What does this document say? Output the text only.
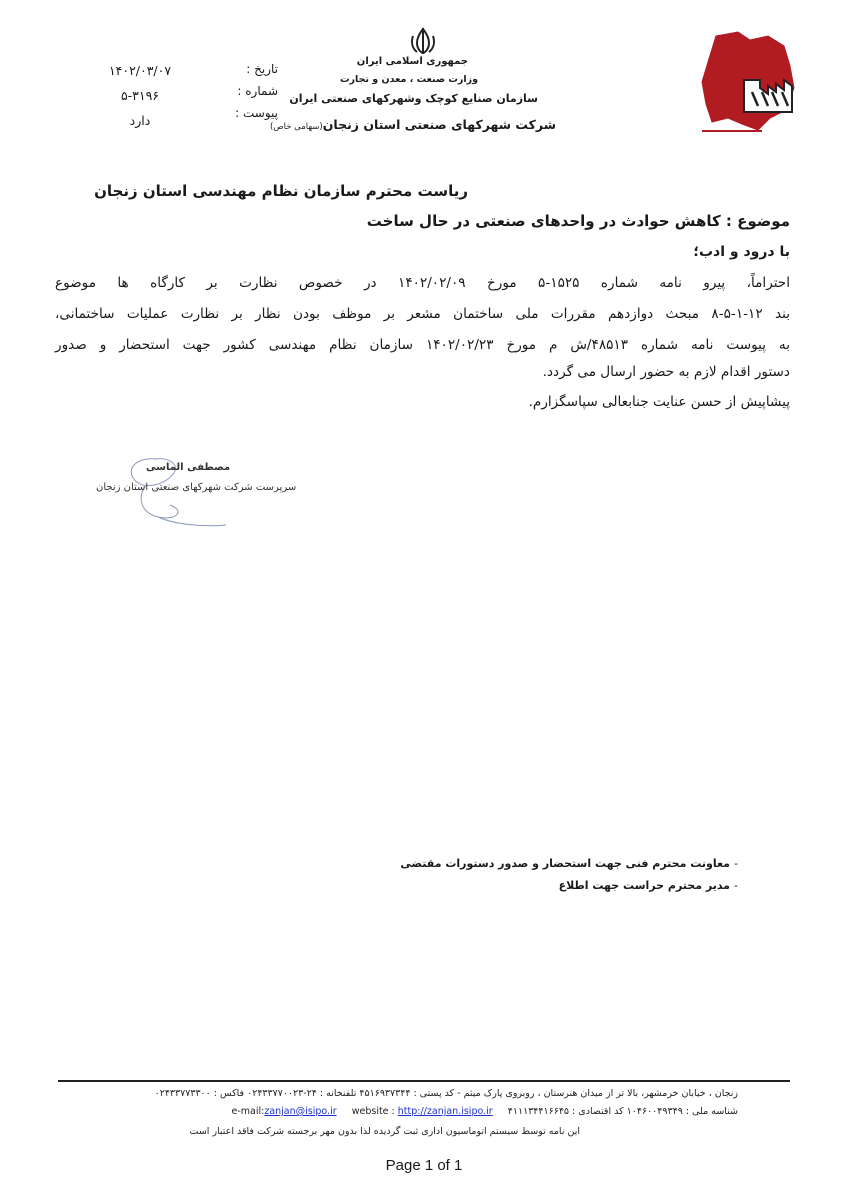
جمهوری اسلامی ایران
وزارت صنعت ، معدن و تجارت
سازمان صنایع کوچک وشهرکهای صنعتی ایران
شرکت شهرکهای صنعتی استان زنجان(سهامی خاص)
تاریخ :
۱۴۰۲/۰۳/۰۷
شماره :
۵-۳۱۹۶
پیوست :
دارد
ریاست محترم سازمان نظام مهندسی استان زنجان
موضوع : کاهش حوادث در واحدهای صنعتی در حال ساخت
با درود و ادب؛
احتراماً، پیرو نامه شماره ۱۵۲۵-۵ مورخ ۱۴۰۲/۰۲/۰۹ در خصوص نظارت بر کارگاه ها موضوع
بند ۱۲-۱-۵-۸ مبحث دوازدهم مقررات ملی ساختمان مشعر بر موظف بودن نظار بر نظارت عملیات ساختمانی،
به پیوست نامه شماره ۴۸۵۱۳/ش م مورخ ۱۴۰۲/۰۲/۲۳ سازمان نظام مهندسی کشور جهت استحضار و صدور
دستور اقدام لازم به حضور ارسال می گردد.
پیشاپیش از حسن عنایت جنابعالی سپاسگزارم.
مصطفی الماسی
سرپرست شرکت شهرکهای صنعتی استان زنجان
-
معاونت محترم فنی جهت استحضار و صدور دستورات مقتضی
-
مدیر محترم حراست جهت اطلاع
زنجان ، خیابان خرمشهر، بالا تر از میدان هنرستان ، روبروی پارک میثم - کد پستی : ۴۵۱۶۹۳۷۳۴۴ تلفنخانه : ۲۴-۰۲۴۳۳۷۷۰۰۲۳ فاکس : ۰۲۴۳۳۷۷۳۳۰۰
شناسه ملی : ۱۰۴۶۰۰۴۹۳۴۹ کد اقتصادی : ۴۱۱۱۳۴۴۱۶۶۴۵     e-mail:zanjan@isipo.ir website : http://zanjan.isipo.ir
این نامه توسط سیستم اتوماسیون اداری ثبت گردیده لذا بدون مهر برجسته شرکت فاقد اعتبار است
Page 1 of 1
